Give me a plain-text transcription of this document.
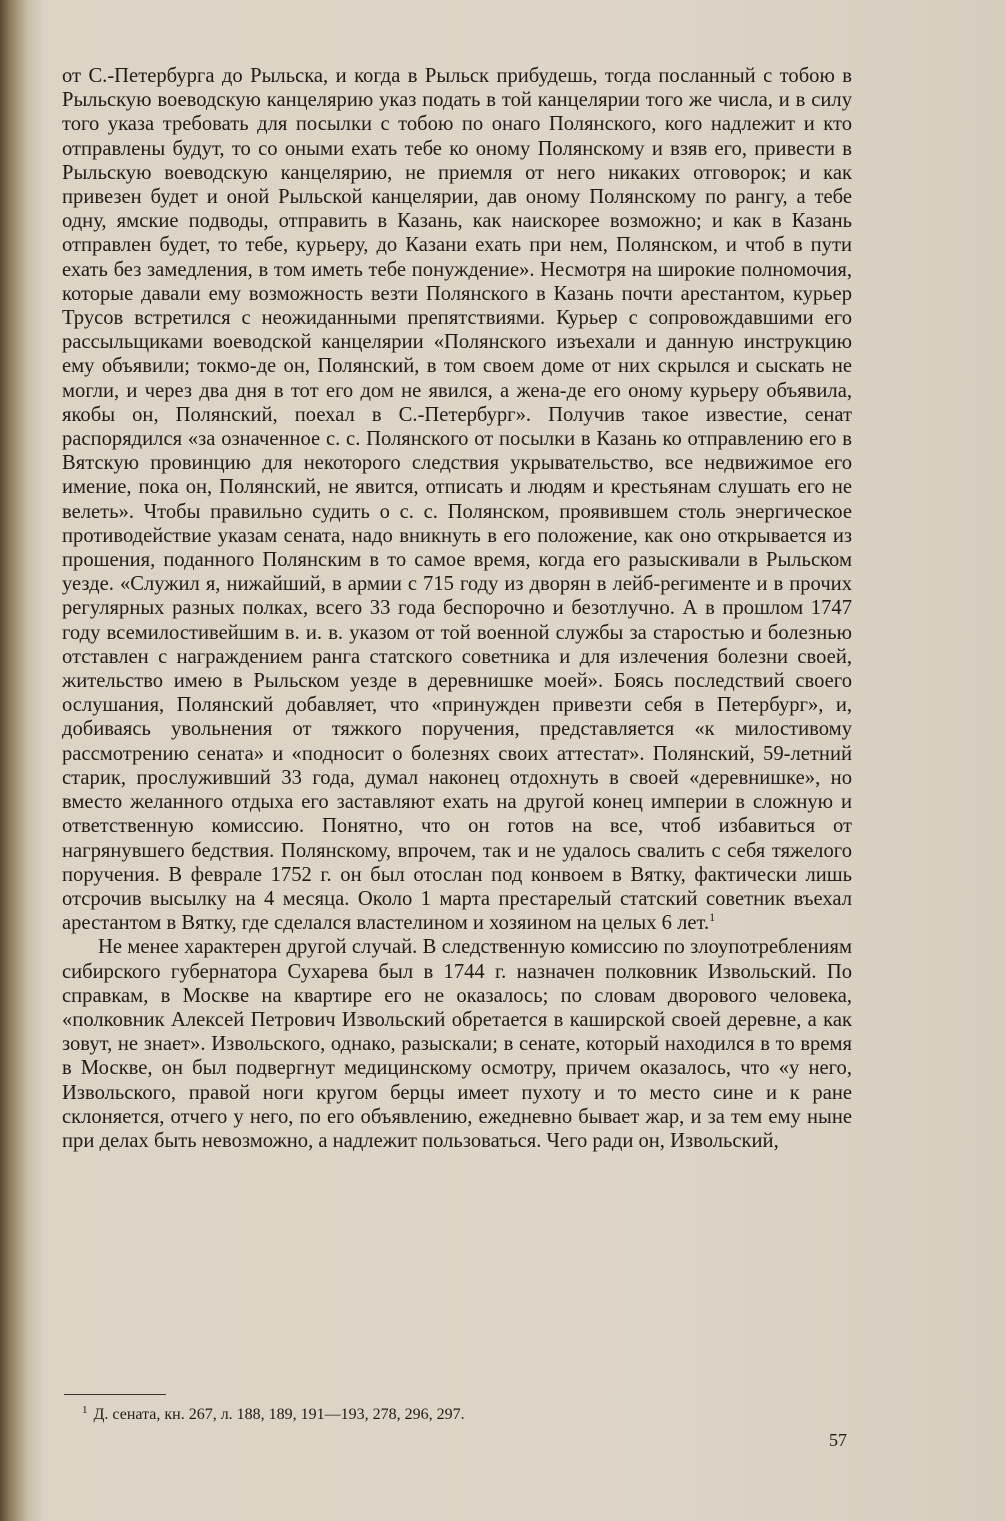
от С.-Петербурга до Рыльска, и когда в Рыльск прибудешь, тогда посланный с тобою в Рыльскую воеводскую канцелярию указ подать в той канцелярии того же числа, и в силу того указа требовать для посылки с тобою по онаго Полянского, кого надлежит и кто отправлены будут, то со оными ехать тебе ко оному Полянскому и взяв его, привести в Рыльскую воеводскую канцелярию, не приемля от него никаких отговорок; и как привезен будет и оной Рыльской канцелярии, дав оному Полянскому по рангу, а тебе одну, ямские подводы, отправить в Казань, как наискорее возможно; и как в Казань отправлен будет, то тебе, курьеру, до Казани ехать при нем, Полянском, и чтоб в пути ехать без замедления, в том иметь тебе понуждение». Несмотря на широкие полномочия, которые давали ему возможность везти Полянского в Казань почти арестантом, курьер Трусов встретился с неожиданными препятствиями. Курьер с сопровождавшими его рассыльщиками воеводской канцелярии «Полянского изъехали и данную инструкцию ему объявили; токмо-де он, Полянский, в том своем доме от них скрылся и сыскать не могли, и через два дня в тот его дом не явился, а жена-де его оному курьеру объявила, якобы он, Полянский, поехал в С.-Петербург». Получив такое известие, сенат распорядился «за означенное с. с. Полянского от посылки в Казань ко отправлению его в Вятскую провинцию для некоторого следствия укрывательство, все недвижимое его имение, пока он, Полянский, не явится, отписать и людям и крестьянам слушать его не велеть». Чтобы правильно судить о с. с. Полянском, проявившем столь энергическое противодействие указам сената, надо вникнуть в его положение, как оно открывается из прошения, поданного Полянским в то самое время, когда его разыскивали в Рыльском уезде. «Служил я, нижайший, в армии с 715 году из дворян в лейб-регименте и в прочих регулярных разных полках, всего 33 года беспорочно и безотлучно. А в прошлом 1747 году всемилостивейшим в. и. в. указом от той военной службы за старостью и болезнью отставлен с награждением ранга статского советника и для излечения болезни своей, жительство имею в Рыльском уезде в деревнишке моей». Боясь последствий своего ослушания, Полянский добавляет, что «принужден привезти себя в Петербург», и, добиваясь увольнения от тяжкого поручения, представляется «к милостивому рассмотрению сената» и «подносит о болезнях своих аттестат». Полянский, 59-летний старик, прослуживший 33 года, думал наконец отдохнуть в своей «деревнишке», но вместо желанного отдыха его заставляют ехать на другой конец империи в сложную и ответственную комиссию. Понятно, что он готов на все, чтоб избавиться от нагрянувшего бедствия. Полянскому, впрочем, так и не удалось свалить с себя тяжелого поручения. В феврале 1752 г. он был отослан под конвоем в Вятку, фактически лишь отсрочив высылку на 4 месяца. Около 1 марта престарелый статский советник въехал арестантом в Вятку, где сделался властелином и хозяином на целых 6 лет.$^1$

Не менее характерен другой случай. В следственную комиссию по злоупотреблениям сибирского губернатора Сухарева был в 1744 г. назначен полковник Извольский. По справкам, в Москве на квартире его не оказалось; по словам дворового человека, «полковник Алексей Петрович Извольский обретается в каширской своей деревне, а как зовут, не знает». Извольского, однако, разыскали; в сенате, который находился в то время в Москве, он был подвергнут медицинскому осмотру, причем оказалось, что «у него, Извольского, правой ноги кругом берцы имеет пухоту и то место сине и к ране склоняется, отчего у него, по его объявлению, ежедневно бывает жар, и за тем ему ныне при делах быть невозможно, а надлежит пользоваться. Чего ради он, Извольский,

$^1$ Д. сената, кн. 267, л. 188, 189, 191—193, 278, 296, 297.
57
